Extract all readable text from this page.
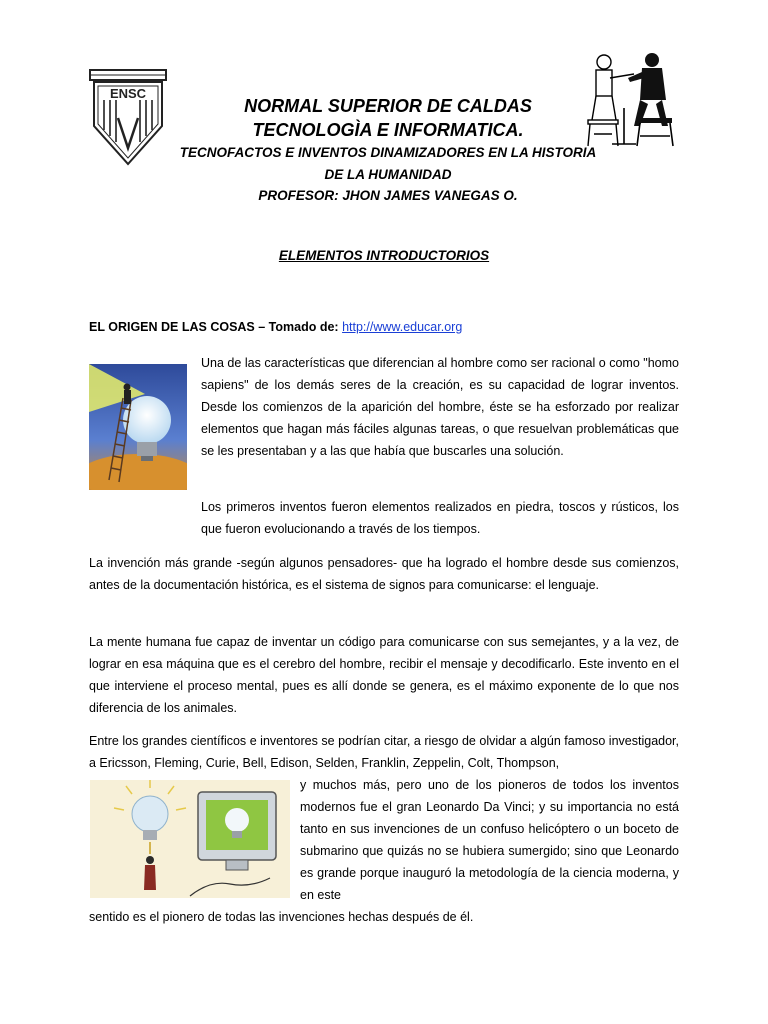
ENSC
NORMAL SUPERIOR DE CALDAS
TECNOLOGÌA E INFORMATICA.
TECNOFACTOS E INVENTOS DINAMIZADORES EN LA HISTORIA
DE LA HUMANIDAD
PROFESOR: JHON JAMES VANEGAS O.
ELEMENTOS INTRODUCTORIOS
EL ORIGEN DE LAS COSAS – Tomado de: http://www.educar.org
Una de las características que diferencian al hombre como ser racional o como "homo sapiens" de los demás seres de la creación, es su capacidad de lograr inventos. Desde los comienzos de la aparición del hombre, éste se ha esforzado por realizar elementos que hagan más fáciles algunas tareas, o que resuelvan problemáticas que se les presentaban y a las que había que buscarles una solución.
Los primeros inventos fueron elementos realizados en piedra, toscos y rústicos, los que fueron evolucionando a través de los tiempos.
La invención más grande -según algunos pensadores- que ha logrado el hombre desde sus comienzos, antes de la documentación histórica, es el sistema de signos para comunicarse: el lenguaje.
La mente humana fue capaz de inventar un código para comunicarse con sus semejantes, y a la vez, de lograr en esa máquina que es el cerebro del hombre, recibir el mensaje y decodificarlo. Este invento en el que interviene el proceso mental, pues es allí donde se genera, es el máximo exponente de lo que nos diferencia de los animales.
Entre los grandes científicos e inventores se podrían citar, a riesgo de olvidar a algún famoso investigador, a Ericsson, Fleming, Curie, Bell, Edison, Selden, Franklin, Zeppelin, Colt, Thompson,
y muchos más, pero uno de los pioneros de todos los inventos modernos fue el gran Leonardo Da Vinci; y su importancia no está tanto en sus invenciones de un confuso helicóptero o un boceto de submarino que quizás no se hubiera sumergido; sino que Leonardo es grande porque inauguró la metodología de la ciencia moderna, y en este
sentido es el pionero de todas las invenciones hechas después de él.
